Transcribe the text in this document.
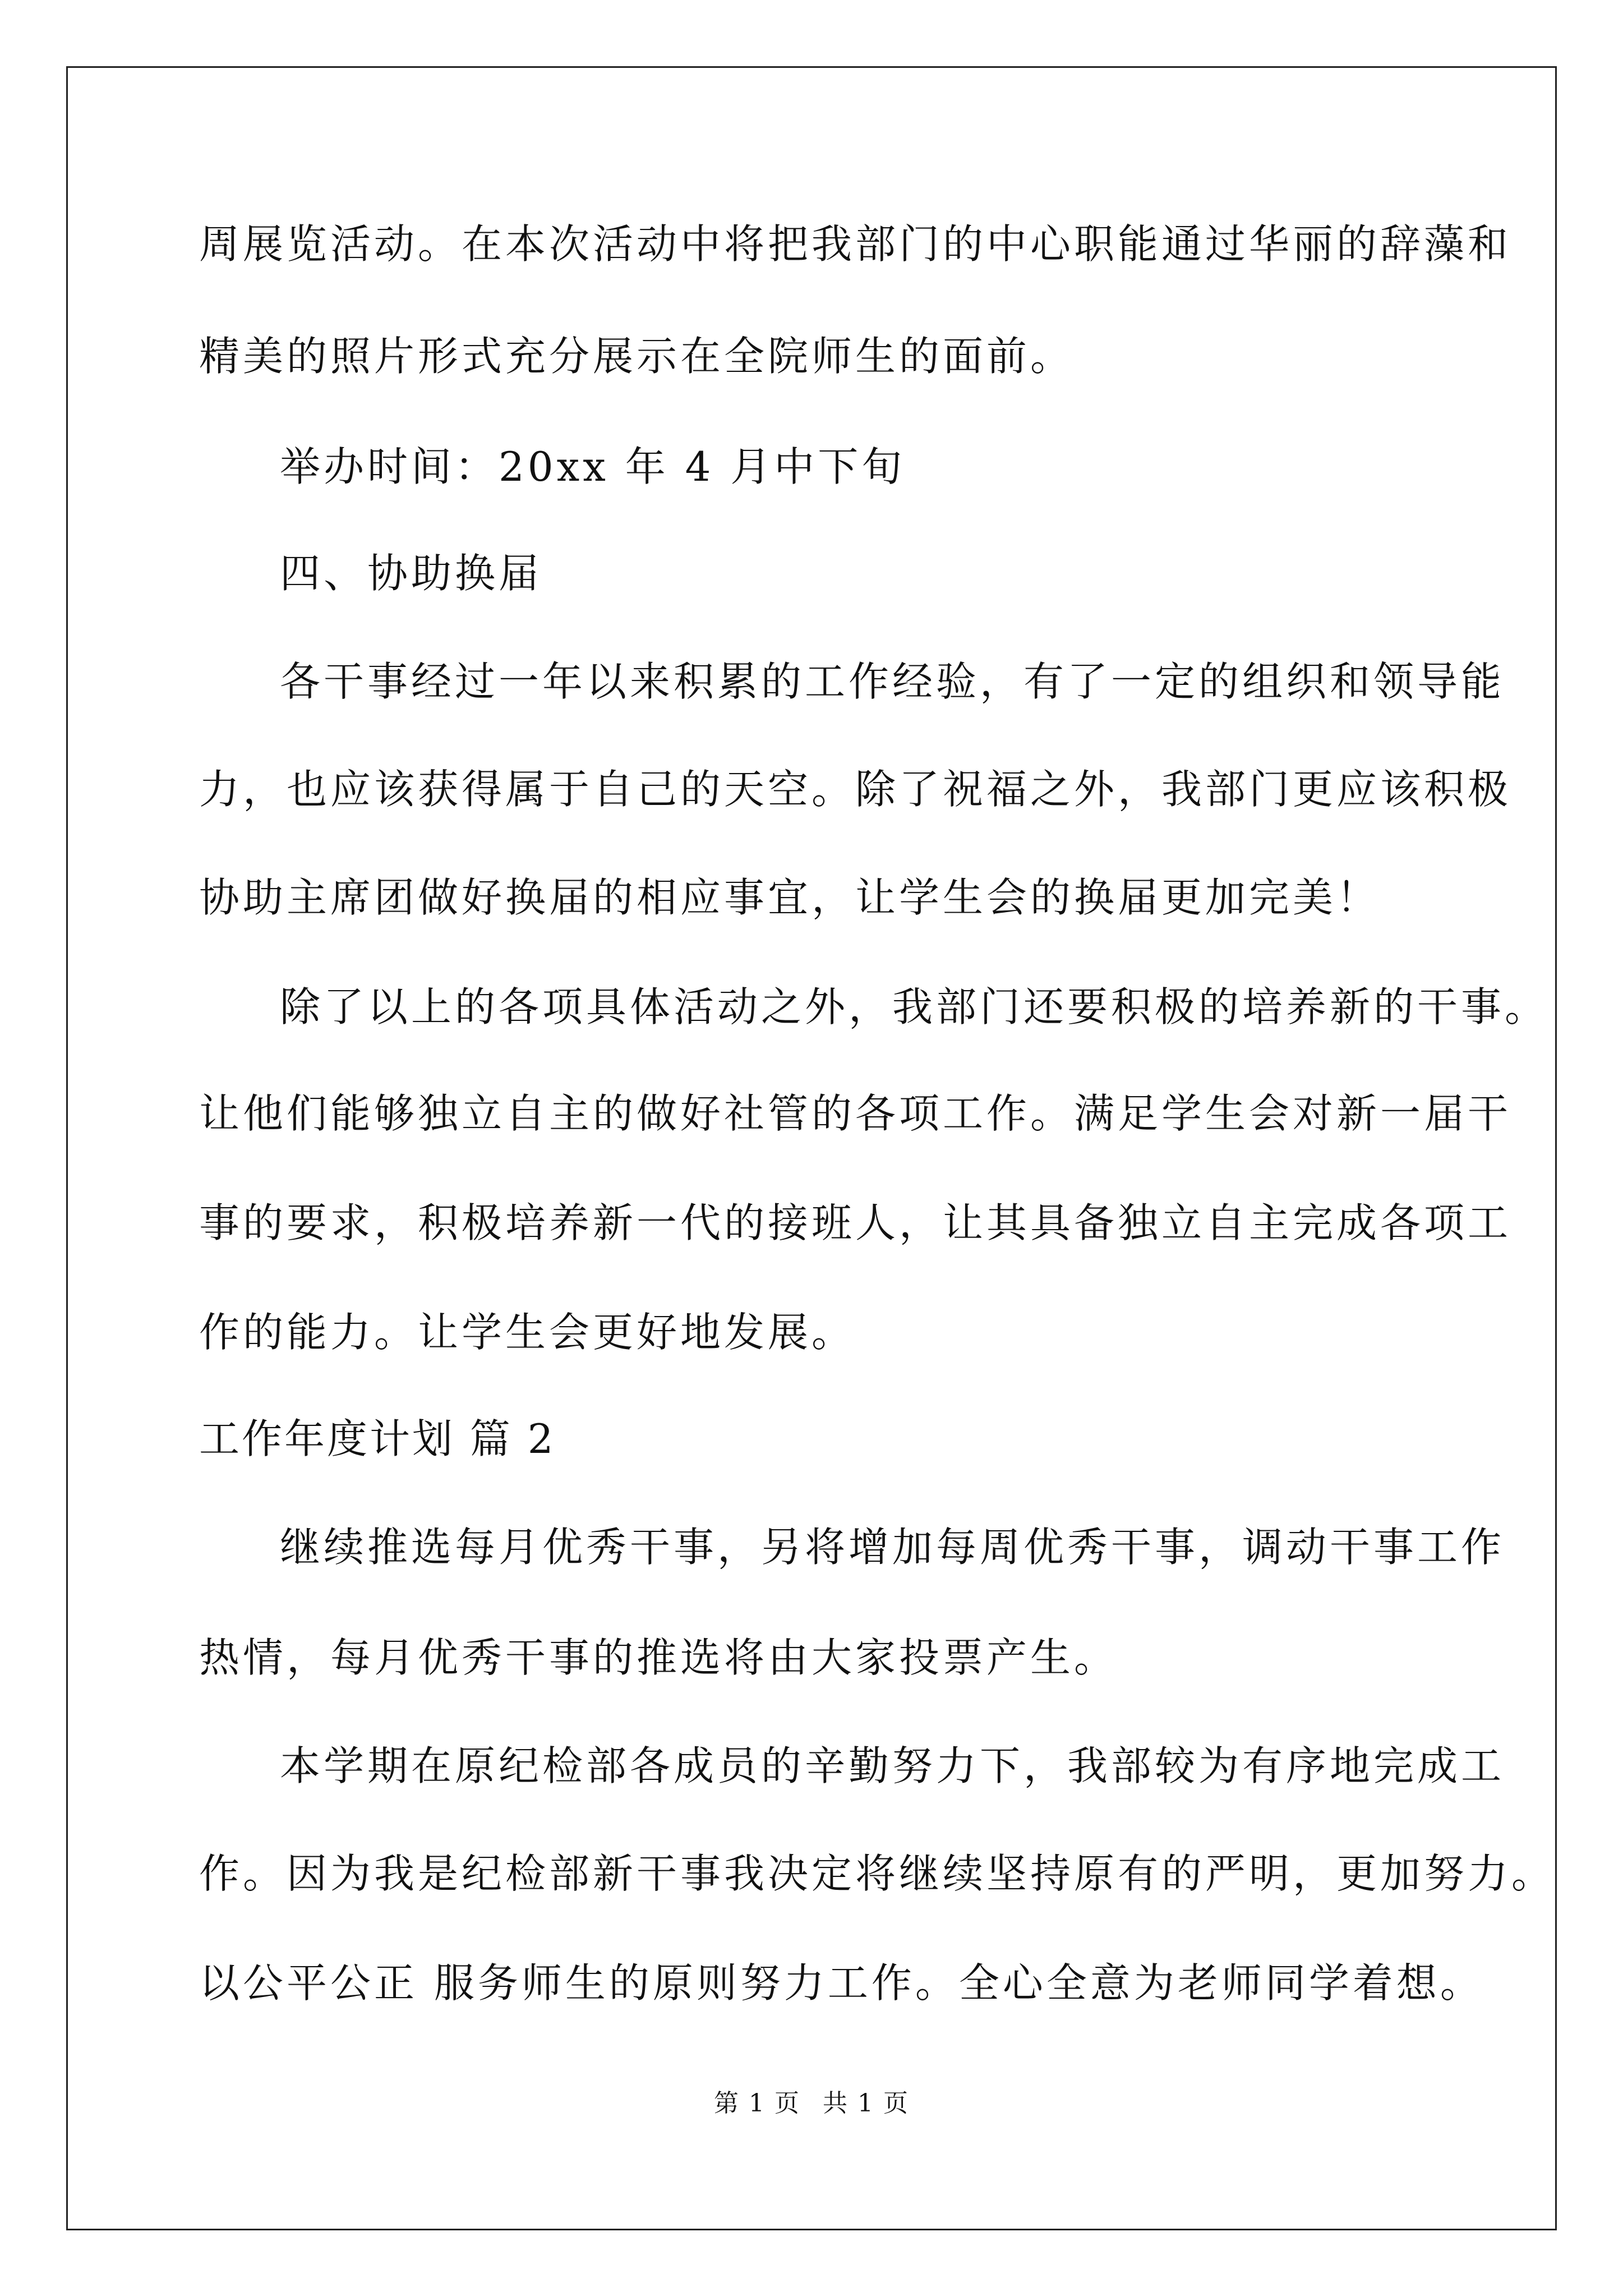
周展览活动。在本次活动中将把我部门的中心职能通过华丽的辞藻和
精美的照片形式充分展示在全院师生的面前。
举办时间：20xx 年 4 月中下旬
四、协助换届
各干事经过一年以来积累的工作经验，有了一定的组织和领导能
力，也应该获得属于自己的天空。除了祝福之外，我部门更应该积极
协助主席团做好换届的相应事宜，让学生会的换届更加完美！
除了以上的各项具体活动之外，我部门还要积极的培养新的干事。
让他们能够独立自主的做好社管的各项工作。满足学生会对新一届干
事的要求，积极培养新一代的接班人，让其具备独立自主完成各项工
作的能力。让学生会更好地发展。
工作年度计划 篇 2
继续推选每月优秀干事，另将增加每周优秀干事，调动干事工作
热情，每月优秀干事的推选将由大家投票产生。
本学期在原纪检部各成员的辛勤努力下，我部较为有序地完成工
作。因为我是纪检部新干事我决定将继续坚持原有的严明，更加努力。
以公平公正 服务师生的原则努力工作。全心全意为老师同学着想。
第 1 页 共 1 页
